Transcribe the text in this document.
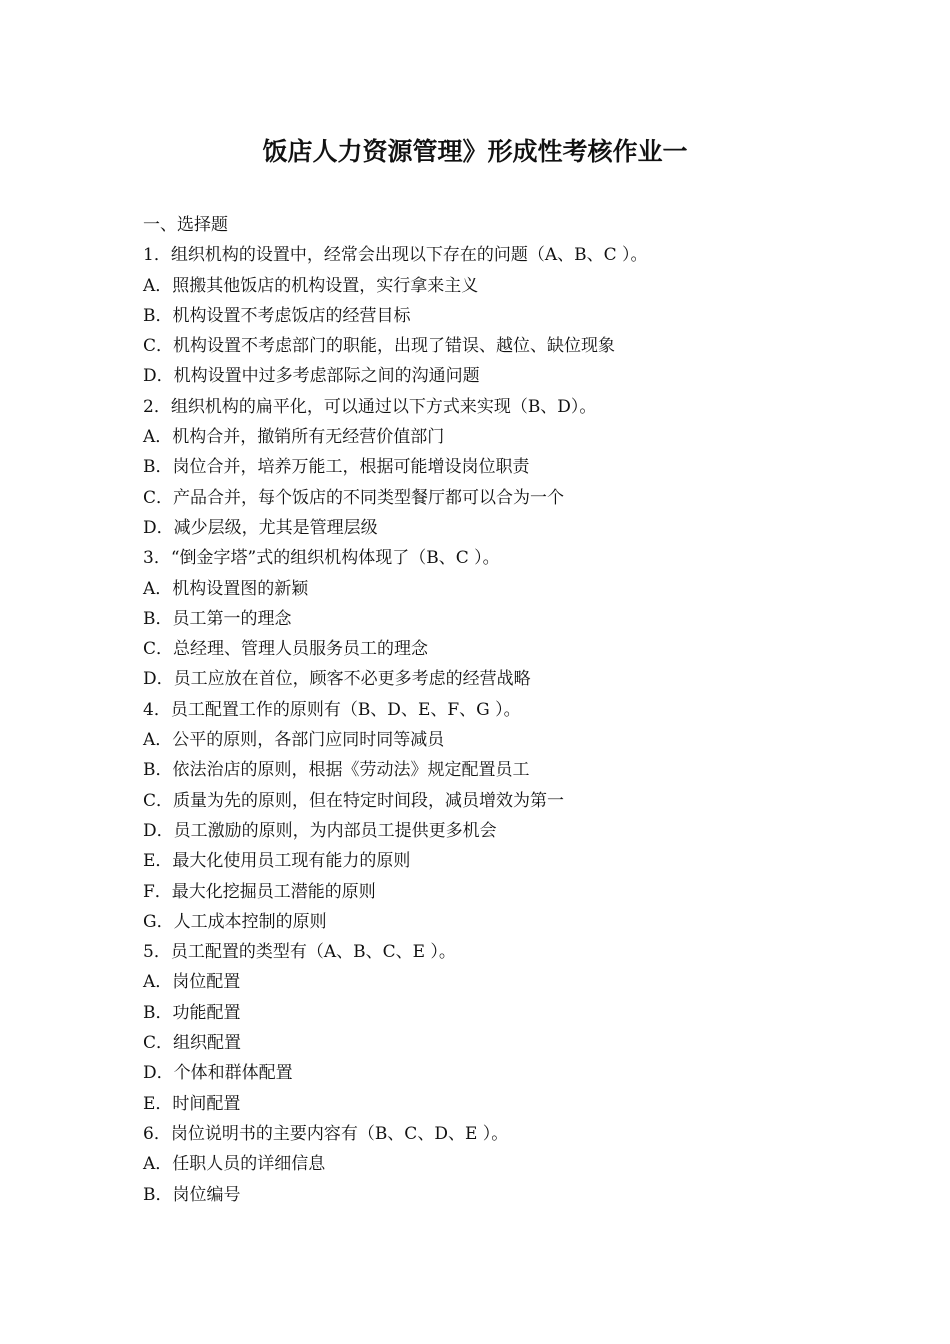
饭店人力资源管理》形成性考核作业一

一、选择题

1．组织机构的设置中，经常会出现以下存在的问题（A、B、C ）。

A．照搬其他饭店的机构设置，实行拿来主义

B．机构设置不考虑饭店的经营目标

C．机构设置不考虑部门的职能，出现了错误、越位、缺位现象

D．机构设置中过多考虑部际之间的沟通问题

2．组织机构的扁平化，可以通过以下方式来实现（B、D）。

A．机构合并，撤销所有无经营价值部门

B．岗位合并，培养万能工，根据可能增设岗位职责

C．产品合并，每个饭店的不同类型餐厅都可以合为一个

D．减少层级，尤其是管理层级

3．“倒金字塔”式的组织机构体现了（B、C ）。

A．机构设置图的新颖

B．员工第一的理念

C．总经理、管理人员服务员工的理念

D．员工应放在首位，顾客不必更多考虑的经营战略

4．员工配置工作的原则有（B、D、E、F、G ）。

A．公平的原则，各部门应同时同等减员

B．依法治店的原则，根据《劳动法》规定配置员工

C．质量为先的原则，但在特定时间段，减员增效为第一

D．员工激励的原则，为内部员工提供更多机会

E．最大化使用员工现有能力的原则

F．最大化挖掘员工潜能的原则

G．人工成本控制的原则

5．员工配置的类型有（A、B、C、E ）。

A．岗位配置

B．功能配置

C．组织配置

D．个体和群体配置

E．时间配置

6．岗位说明书的主要内容有（B、C、D、E ）。

A．任职人员的详细信息

B．岗位编号
